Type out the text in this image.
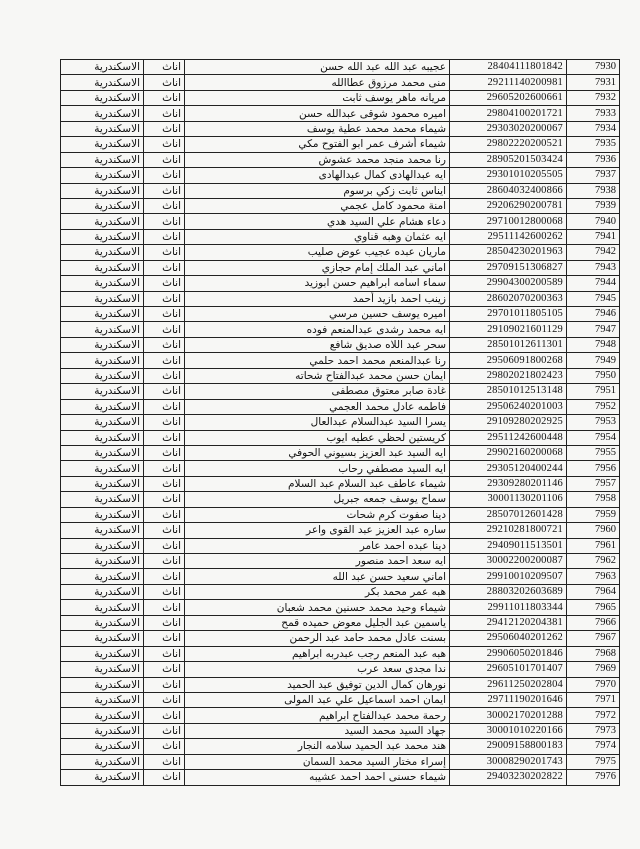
الاسكندرية	اناث	عجيبه عبد الله عبد الله حسن	28404111801842	7930
الاسكندرية	اناث	منى محمد مرزوق عطاالله	29211140200981	7931
الاسكندرية	اناث	مريانه ماهر يوسف ثابت	29605202600661	7932
الاسكندرية	اناث	اميره محمود شوقى عبدالله حسن	29804100201721	7933
الاسكندرية	اناث	شيماء محمد محمد عطية يوسف	29303020200067	7934
الاسكندرية	اناث	شيماء أشرف عمر ابو الفتوح مكي	29802220200521	7935
الاسكندرية	اناث	رنا محمد منجد محمد عشوش	28905201503424	7936
الاسكندرية	اناث	ايه عبدالهادى كمال عبدالهادى	29301010205505	7937
الاسكندرية	اناث	ايناس ثابت زكي برسوم	28604032400866	7938
الاسكندرية	اناث	امنة محمود كامل عجمي	29206290200781	7939
الاسكندرية	اناث	دعاء هشام علي السيد هدي	29710012800068	7940
الاسكندرية	اناث	ايه عثمان وهبه قناوي	29511142600262	7941
الاسكندرية	اناث	ماريان عبده عجيب عوض صليب	28504230201963	7942
الاسكندرية	اناث	اماني عبد الملك إمام حجازي	29709151306827	7943
الاسكندرية	اناث	سماء اسامه ابراهيم حسن ابوزيد	29904300200589	7944
الاسكندرية	اناث	زينب احمد بازيد أحمد	28602070200363	7945
الاسكندرية	اناث	اميره يوسف حسين مرسي	29701011805105	7946
الاسكندرية	اناث	ايه محمد رشدى عبدالمنعم فوده	29109021601129	7947
الاسكندرية	اناث	سحر عبد اللاه صديق شافع	28501012611301	7948
الاسكندرية	اناث	رنا عبدالمنعم محمد احمد حلمي	29506091800268	7949
الاسكندرية	اناث	ايمان حسن محمد عبدالفتاح شحاته	29802021802423	7950
الاسكندرية	اناث	غادة صابر معتوق مصطفى	28501012513148	7951
الاسكندرية	اناث	فاطمه عادل محمد العجمي	29506240201003	7952
الاسكندرية	اناث	يسرا السيد عبدالسلام عبدالعال	29109280202925	7953
الاسكندرية	اناث	كريستين لحظي عطيه ايوب	29511242600448	7954
الاسكندرية	اناث	ايه السيد عبد العزيز بسيوني الحوفي	29902160200068	7955
الاسكندرية	اناث	ايه السيد مصطفي رحاب	29305120400244	7956
الاسكندرية	اناث	شيماء عاطف عبد السلام عبد السلام	29309280201146	7957
الاسكندرية	اناث	سماح يوسف جمعه جبريل	30001130201106	7958
الاسكندرية	اناث	دينا صفوت كرم شحات	28507012601428	7959
الاسكندرية	اناث	ساره عبد العزيز عبد القوى واعر	29210281800721	7960
الاسكندرية	اناث	دينا عبده احمد عامر	29409011513501	7961
الاسكندرية	اناث	ايه سعد احمد منصور	30002200200087	7962
الاسكندرية	اناث	اماني سعيد حسن عبد الله	29910010209507	7963
الاسكندرية	اناث	هبه عمر محمد بكر	28803202603689	7964
الاسكندرية	اناث	شيماء وحيد محمد حسنين محمد شعبان	29911011803344	7965
الاسكندرية	اناث	ياسمين عبد الجليل معوض حميده قمح	29412120204381	7966
الاسكندرية	اناث	بسنت عادل محمد حامد عبد الرحمن	29506040201262	7967
الاسكندرية	اناث	هبه عبد المنعم رجب عبدربه ابراهيم	29906050201846	7968
الاسكندرية	اناث	ندا مجدى سعد عرب	29605101701407	7969
الاسكندرية	اناث	نورهان كمال الدين توفيق عبد الحميد	29611250202804	7970
الاسكندرية	اناث	ايمان احمد اسماعيل علي عبد المولى	29711190201646	7971
الاسكندرية	اناث	رحمة محمد عبدالفتاح ابراهيم	30002170201288	7972
الاسكندرية	اناث	جهاد السيد محمد السيد	30001010220166	7973
الاسكندرية	اناث	هند محمد عبد الحميد سلامه النجار	29009158800183	7974
الاسكندرية	اناث	إسراء مختار السيد محمد السمان	30008290201743	7975
الاسكندرية	اناث	شيماء حسنى احمد احمد عشيبه	29403230202822	7976
